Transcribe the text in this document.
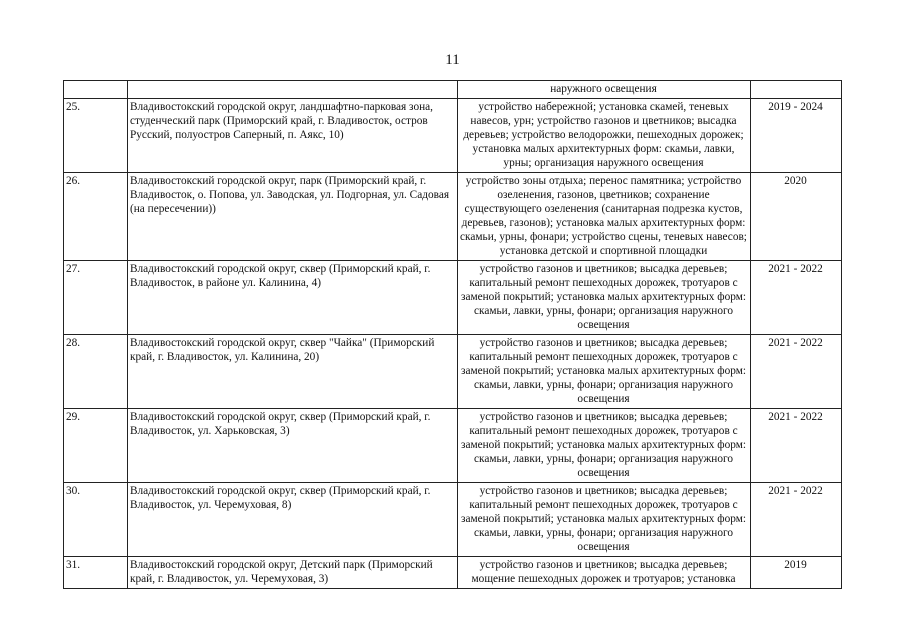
11
		наружного освещения	
25.	Владивостокский городской округ, ландшафтно-парковая зона, студенческий парк (Приморский край, г. Владивосток, остров Русский, полуостров Саперный, п. Аякс, 10)	устройство набережной; установка скамей, теневых навесов, урн; устройство газонов и цветников; высадка деревьев; устройство велодорожки, пешеходных дорожек; установка малых архитектурных форм: скамьи, лавки, урны; организация наружного освещения	2019 - 2024
26.	Владивостокский городской округ, парк (Приморский край, г. Владивосток, о. Попова, ул. Заводская, ул. Подгорная, ул. Садовая (на пересечении))	устройство зоны отдыха; перенос памятника; устройство озеленения, газонов, цветников; сохранение существующего озеленения (санитарная подрезка кустов, деревьев, газонов); установка малых архитектурных форм: скамьи, урны, фонари; устройство сцены, теневых навесов; установка детской и спортивной площадки	2020
27.	Владивостокский городской округ, сквер (Приморский край, г. Владивосток, в районе ул. Калинина, 4)	устройство газонов и цветников; высадка деревьев; капитальный ремонт пешеходных дорожек, тротуаров с заменой покрытий; установка малых архитектурных форм: скамьи, лавки, урны, фонари; организация наружного освещения	2021 - 2022
28.	Владивостокский городской округ, сквер "Чайка" (Приморский край, г. Владивосток, ул. Калинина, 20)	устройство газонов и цветников; высадка деревьев; капитальный ремонт пешеходных дорожек, тротуаров с заменой покрытий; установка малых архитектурных форм: скамьи, лавки, урны, фонари; организация наружного освещения	2021 - 2022
29.	Владивостокский городской округ, сквер (Приморский край, г. Владивосток, ул. Харьковская, 3)	устройство газонов и цветников; высадка деревьев; капитальный ремонт пешеходных дорожек, тротуаров с заменой покрытий; установка малых архитектурных форм: скамьи, лавки, урны, фонари; организация наружного освещения	2021 - 2022
30.	Владивостокский городской округ, сквер (Приморский край, г. Владивосток, ул. Черемуховая, 8)	устройство газонов и цветников; высадка деревьев; капитальный ремонт пешеходных дорожек, тротуаров с заменой покрытий; установка малых архитектурных форм: скамьи, лавки, урны, фонари; организация наружного освещения	2021 - 2022
31.	Владивостокский городской округ, Детский парк (Приморский край, г. Владивосток, ул. Черемуховая, 3)	устройство газонов и цветников; высадка деревьев; мощение пешеходных дорожек и тротуаров; установка	2019
